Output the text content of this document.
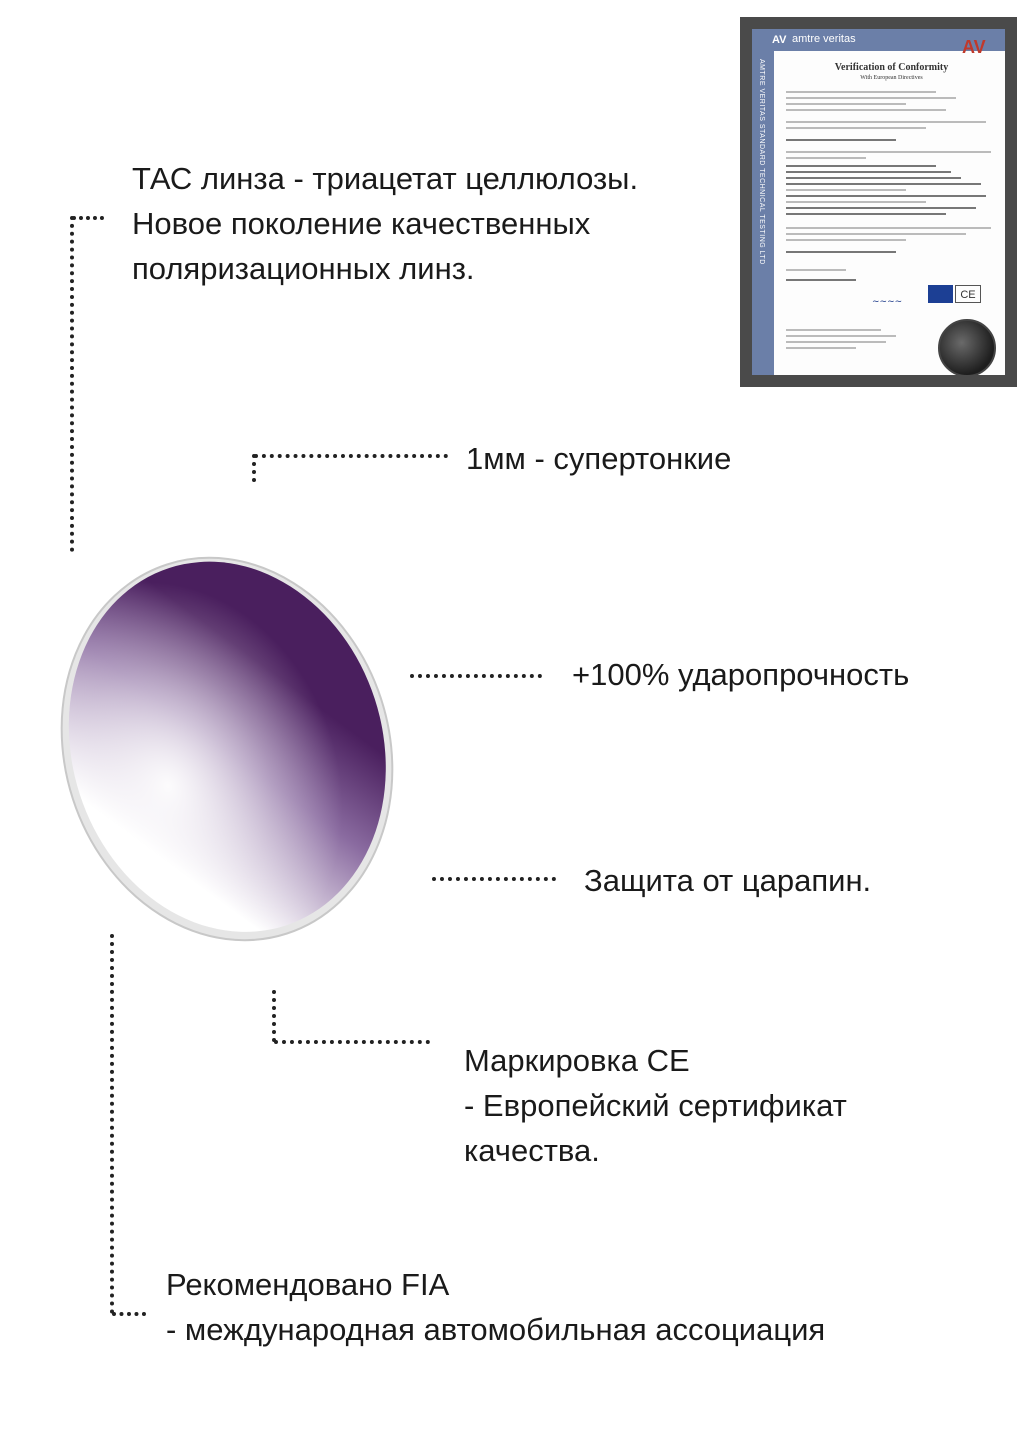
ТАС линза - триацетат целлюлозы.
Новое поколение качественных
поляризационных линз.
1мм - супертонкие
+100% ударопрочность
Защита от царапин.
Маркировка CE
- Европейский сертификат
качества.
Рекомендовано FIA
- международная автомобильная ассоциация
amtre veritas
AV	AV
AMTRE VERITAS STANDARD TECHNICAL TESTING LTD	Verification of Conformity
With European Directives
~~~~
CE
